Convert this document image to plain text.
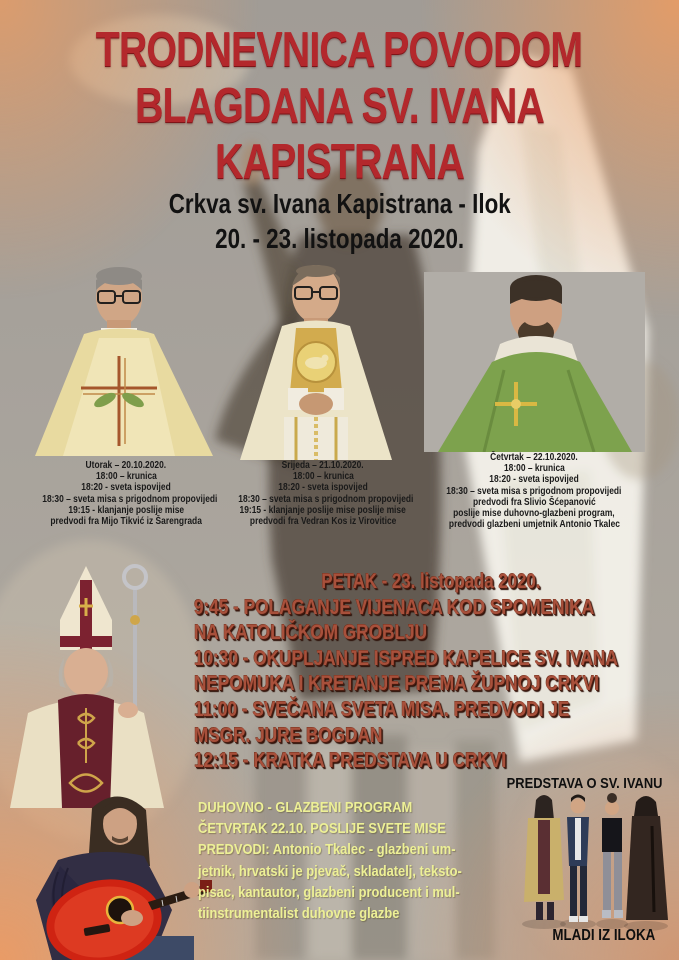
TRODNEVNICA POVODOM
BLAGDANA SV. IVANA
KAPISTRANA
Crkva sv. Ivana Kapistrana - Ilok
20. - 23. listopada 2020.
Utorak – 20.10.2020.
18:00 – krunica
18:20 - sveta ispovijed
18:30 – sveta misa s prigodnom propovijedi
19:15 - klanjanje poslije mise
predvodi fra Mijo Tikvić iz Šarengrada
Srijeda – 21.10.2020.
18:00 – krunica
18:20 - sveta ispovijed
18:30 – sveta misa s prigodnom propovijedi
19:15 - klanjanje poslije mise poslije mise
predvodi fra Vedran Kos iz Virovitice
Četvrtak – 22.10.2020.
18:00 – krunica
18:20 - sveta ispovijed
18:30 – sveta misa s prigodnom propovijedi
predvodi fra Slivio Šćepanović
poslije mise duhovno-glazbeni program,
predvodi glazbeni umjetnik Antonio Tkalec
PETAK - 23. listopada 2020.
9:45 - POLAGANJE VIJENACA KOD SPOMENIKA
NA KATOLIČKOM GROBLJU
10:30 - OKUPLJANJE ISPRED KAPELICE SV. IVANA
NEPOMUKA I KRETANJE PREMA ŽUPNOJ CRKVI
11:00 - SVEČANA SVETA MISA. PREDVODI JE
MSGR. JURE BOGDAN
12:15 - KRATKA PREDSTAVA U CRKVI
PREDSTAVA O SV. IVANU
DUHOVNO - GLAZBENI PROGRAM
ČETVRTAK 22.10. POSLIJE SVETE MISE
PREDVODI: Antonio Tkalec - glazbeni um-
jetnik, hrvatski je pjevač, skladatelj, teksto-
pisac, kantautor, glazbeni producent i mul-
tiinstrumentalist duhovne glazbe
MLADI IZ ILOKA
